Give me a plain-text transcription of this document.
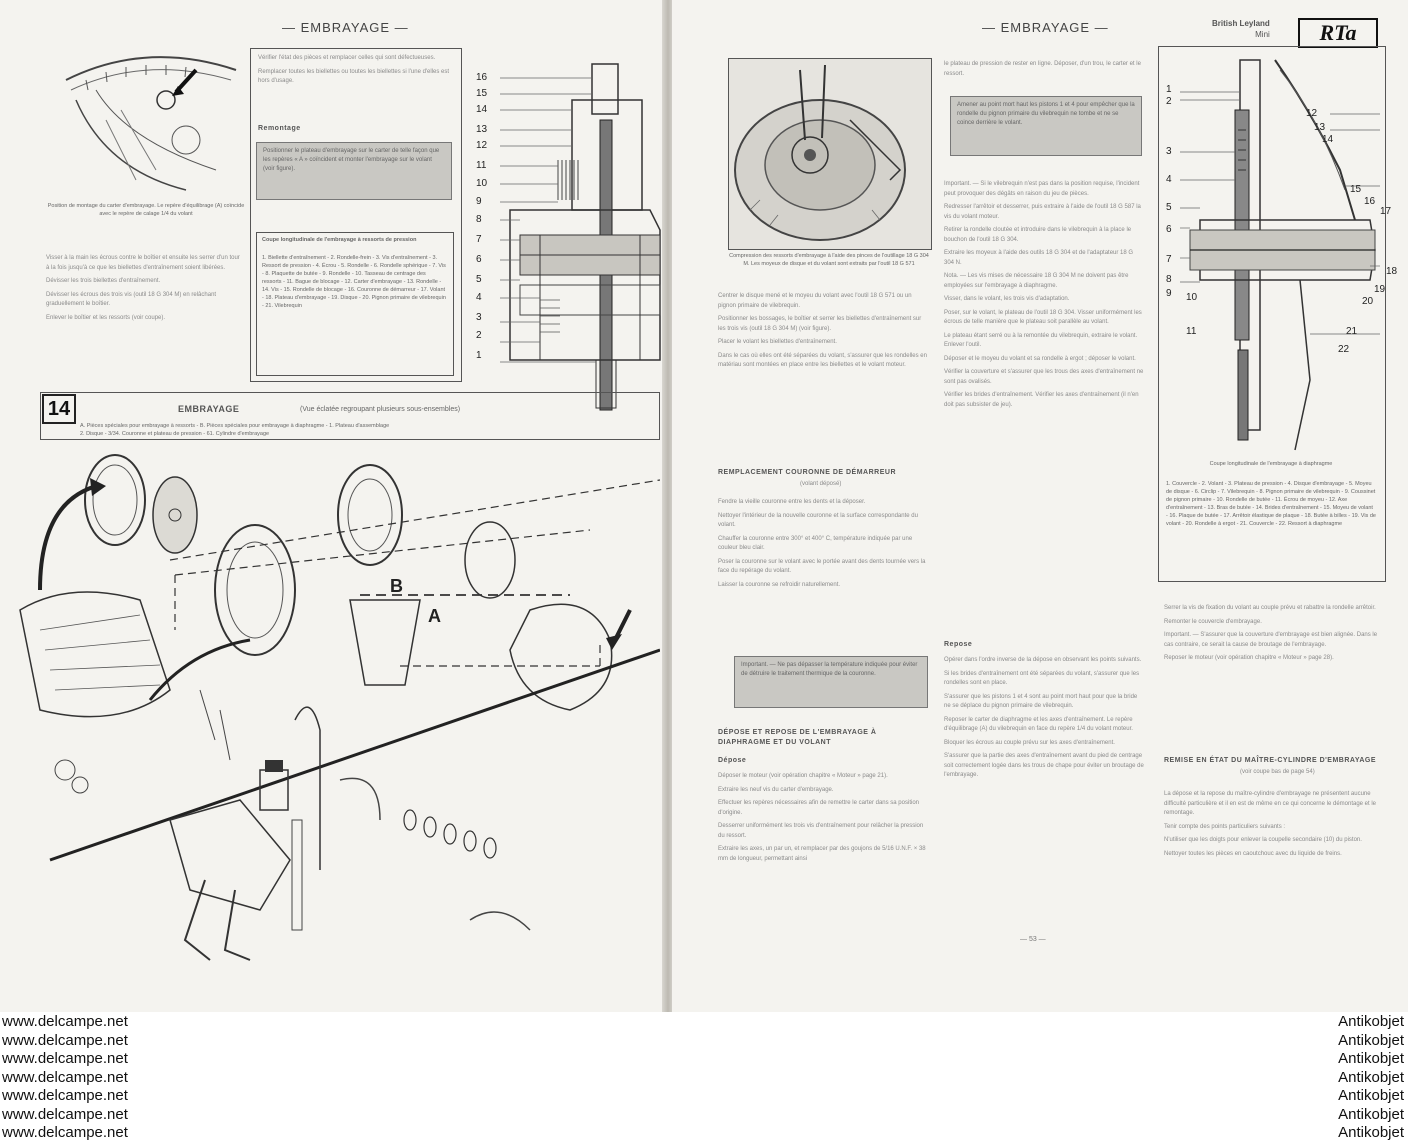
— EMBRAYAGE —
Position de montage du carter d'embrayage. Le repère d'équilibrage (A) coïncide avec le repère de calage 1/4 du volant

Vérifier l'état des pièces et remplacer celles qui sont défectueuses.

Remplacer toutes les biellettes ou toutes les biellettes si l'une d'elles est hors d'usage.

Remontage
Positionner le plateau d'embrayage sur le carter de telle façon que les repères « A » coïncident et monter l'embrayage sur le volant (voir figure).
Coupe longitudinale de l'embrayage à ressorts de pression
1. Biellette d'entraînement - 2. Rondelle-frein - 3. Vis d'entraînement - 3. Ressort de pression - 4. Écrou - 5. Rondelle - 6. Rondelle sphérique - 7. Vis - 8. Plaquette de butée - 9. Rondelle - 10. Tasseau de centrage des ressorts - 11. Bague de blocage - 12. Carter d'embrayage - 13. Rondelle - 14. Vis - 15. Rondelle de blocage - 16. Couronne de démarreur - 17. Volant - 18. Plateau d'embrayage - 19. Disque - 20. Pignon primaire de vilebrequin - 21. Vilebrequin
16
15
14
13
12
11
10
9
8
7
6
5
4
3
2
1

Visser à la main les écrous contre le boîtier et ensuite les serrer d'un tour à la fois jusqu'à ce que les biellettes d'entraînement soient libérées.

Dévisser les trois biellettes d'entraînement.

Dévisser les écrous des trois vis (outil 18 G 304 M) en relâchant graduellement le boîtier.

Enlever le boîtier et les ressorts (voir coupe).

14	EMBRAYAGE	(Vue éclatée regroupant plusieurs sous-ensembles)
A. Pièces spéciales pour embrayage à ressorts - B. Pièces spéciales pour embrayage à diaphragme - 1. Plateau d'assemblage
2. Disque - 3/34. Couronne et plateau de pression - 61. Cylindre d'embrayage
A
B
— EMBRAYAGE —	British Leyland
Mini	RTa
Compression des ressorts d'embrayage à l'aide des pinces de l'outillage 18 G 304 M. Les moyeux de disque et du volant sont extraits par l'outil 18 G 571

Centrer le disque mené et le moyeu du volant avec l'outil 18 G 571 ou un pignon primaire de vilebrequin.

Positionner les bossages, le boîtier et serrer les biellettes d'entraînement sur les trois vis (outil 18 G 304 M) (voir figure).

Placer le volant les biellettes d'entraînement.

Dans le cas où elles ont été séparées du volant, s'assurer que les rondelles en matériau sont montées en place entre les biellettes et le volant moteur.

REMPLACEMENT COURONNE DE DÉMARREUR
(volant déposé)

Fendre la vieille couronne entre les dents et la déposer.

Nettoyer l'intérieur de la nouvelle couronne et la surface correspondante du volant.

Chauffer la couronne entre 300° et 400° C, température indiquée par une couleur bleu clair.

Poser la couronne sur le volant avec le portée avant des dents tournée vers la face du repérage du volant.

Laisser la couronne se refroidir naturellement.

Important. — Ne pas dépasser la température indiquée pour éviter de détruire le traitement thermique de la couronne.
DÉPOSE ET REPOSE DE L'EMBRAYAGE À DIAPHRAGME ET DU VOLANT
Dépose

Déposer le moteur (voir opération chapitre « Moteur » page 21).

Extraire les neuf vis du carter d'embrayage.

Effectuer les repères nécessaires afin de remettre le carter dans sa position d'origine.

Desserrer uniformément les trois vis d'entraînement pour relâcher la pression du ressort.

Extraire les axes, un par un, et remplacer par des goujons de 5/16 U.N.F. × 38 mm de longueur, permettant ainsi

le plateau de pression de rester en ligne. Déposer, d'un trou, le carter et le ressort.
Amener au point mort haut les pistons 1 et 4 pour empêcher que la rondelle du pignon primaire du vilebrequin ne tombe et ne se coince derrière le volant.

Important. — Si le vilebrequin n'est pas dans la position requise, l'incident peut provoquer des dégâts en raison du jeu de pièces.

Redresser l'arrêtoir et desserrer, puis extraire à l'aide de l'outil 18 G 587 la vis du volant moteur.

Retirer la rondelle cloutée et introduire dans le vilebrequin à la place le bouchon de l'outil 18 G 304.

Extraire les moyeux à l'aide des outils 18 G 304 et de l'adaptateur 18 G 304 N.

Nota. — Les vis mises de nécessaire 18 G 304 M ne doivent pas être employées sur l'embrayage à diaphragme.

Visser, dans le volant, les trois vis d'adaptation.

Poser, sur le volant, le plateau de l'outil 18 G 304. Visser uniformément les écrous de telle manière que le plateau soit parallèle au volant.

Le plateau étant serré ou à la remontée du vilebrequin, extraire le volant. Enlever l'outil.

Déposer et le moyeu du volant et sa rondelle à ergot ; déposer le volant.

Vérifier la couverture et s'assurer que les trous des axes d'entraînement ne sont pas ovalisés.

Vérifier les brides d'entraînement. Vérifier les axes d'entraînement (il n'en doit pas subsister de jeu).

Repose

Opérer dans l'ordre inverse de la dépose en observant les points suivants.

Si les brides d'entraînement ont été séparées du volant, s'assurer que les rondelles sont en place.

S'assurer que les pistons 1 et 4 sont au point mort haut pour que la bride ne se déplace du pignon primaire de vilebrequin.

Reposer le carter de diaphragme et les axes d'entraînement. Le repère d'équilibrage (A) du vilebrequin en face du repère 1/4 du volant moteur.

Bloquer les écrous au couple prévu sur les axes d'entraînement.

S'assurer que la partie des axes d'entraînement avant du pied de centrage soit correctement logée dans les trous de chape pour éviter un broutage de l'embrayage.

1
2
3
4
5
6
7
8
9 10
11
12
13
14
15
16
17
18
19
20
21
22
Coupe longitudinale de l'embrayage à diaphragme
1. Couvercle - 2. Volant - 3. Plateau de pression - 4. Disque d'embrayage - 5. Moyeu de disque - 6. Circlip - 7. Vilebrequin - 8. Pignon primaire de vilebrequin - 9. Coussinet de pignon primaire - 10. Rondelle de butée - 11. Écrou de moyeu - 12. Axe d'entraînement - 13. Bras de butée - 14. Brides d'entraînement - 15. Moyeu de volant - 16. Plaque de butée - 17. Arrêtoir élastique de plaque - 18. Butée à billes - 19. Vis de volant - 20. Rondelle à ergot - 21. Couvercle - 22. Ressort à diaphragme

Serrer la vis de fixation du volant au couple prévu et rabattre la rondelle arrêtoir.

Remonter le couvercle d'embrayage.

Important. — S'assurer que la couverture d'embrayage est bien alignée. Dans le cas contraire, ce serait la cause de broutage de l'embrayage.

Reposer le moteur (voir opération chapitre « Moteur » page 28).

REMISE EN ÉTAT DU MAÎTRE-CYLINDRE D'EMBRAYAGE
(voir coupe bas de page 54)

La dépose et la repose du maître-cylindre d'embrayage ne présentent aucune difficulté particulière et il en est de même en ce qui concerne le démontage et le remontage.

Tenir compte des points particuliers suivants :

N'utiliser que les doigts pour enlever la coupelle secondaire (10) du piston.

Nettoyer toutes les pièces en caoutchouc avec du liquide de freins.

— 53 —
www.delcampe.net
www.delcampe.net
www.delcampe.net
www.delcampe.net
www.delcampe.net
www.delcampe.net
www.delcampe.net
Antikobjet
Antikobjet
Antikobjet
Antikobjet
Antikobjet
Antikobjet
Antikobjet
